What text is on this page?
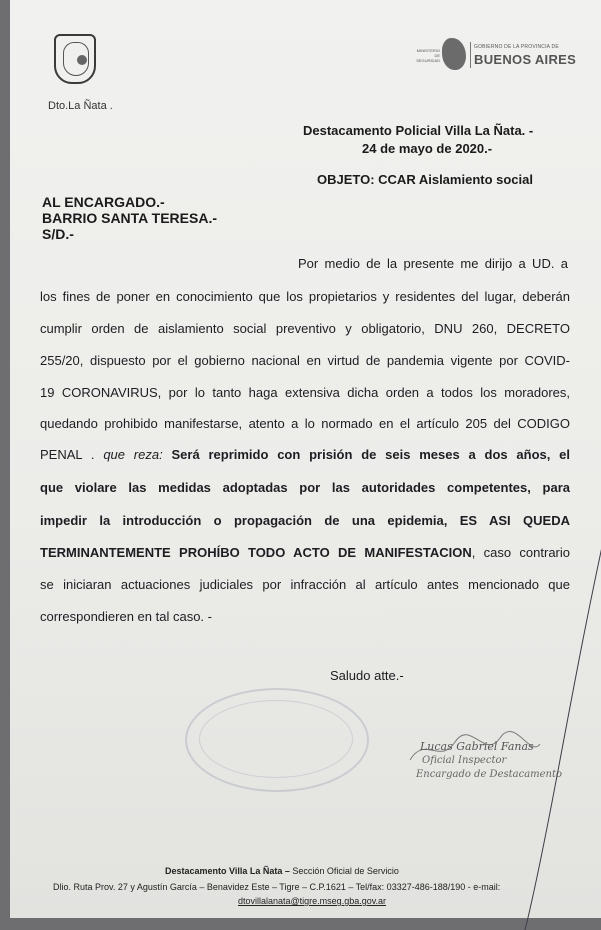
Dto.La Ñata .
MINISTERIO DE SEGURIDAD
GOBIERNO DE LA PROVINCIA DE
BUENOS AIRES
Destacamento Policial Villa La Ñata. -
24 de mayo de 2020.-
OBJETO: CCAR Aislamiento social
AL ENCARGADO.-
BARRIO SANTA TERESA.-
S/D.-
Por medio de la presente me dirijo a UD. a
los fines de poner en conocimiento que los propietarios y residentes del lugar, deberán
cumplir orden de aislamiento social preventivo y obligatorio, DNU 260, DECRETO
255/20, dispuesto por el gobierno nacional en virtud de pandemia vigente por COVID-
19 CORONAVIRUS, por lo tanto haga extensiva dicha orden a todos los moradores,
quedando prohibido manifestarse, atento a lo normado en el artículo 205 del CODIGO
PENAL . que reza: Será reprimido con prisión de seis meses a dos años, el
que violare las medidas adoptadas por las autoridades competentes, para
impedir la introducción o propagación de una epidemia, ES ASI QUEDA
TERMINANTEMENTE PROHÍBO TODO ACTO DE MANIFESTACION, caso contrario
se iniciaran actuaciones judiciales por infracción al artículo antes mencionado que
correspondieren en tal caso. -
Saludo atte.-
Lucas Gabriel Fanas
Oficial Inspector
Encargado de Destacamento
Destacamento Villa La Ñata – Sección Oficial de Servicio
Dlio. Ruta Prov. 27 y Agustín García – Benavidez Este – Tigre – C.P.1621 – Tel/fax: 03327-486-188/190 - e-mail:
dtovillalanata@tigre.mseg.gba.gov.ar
